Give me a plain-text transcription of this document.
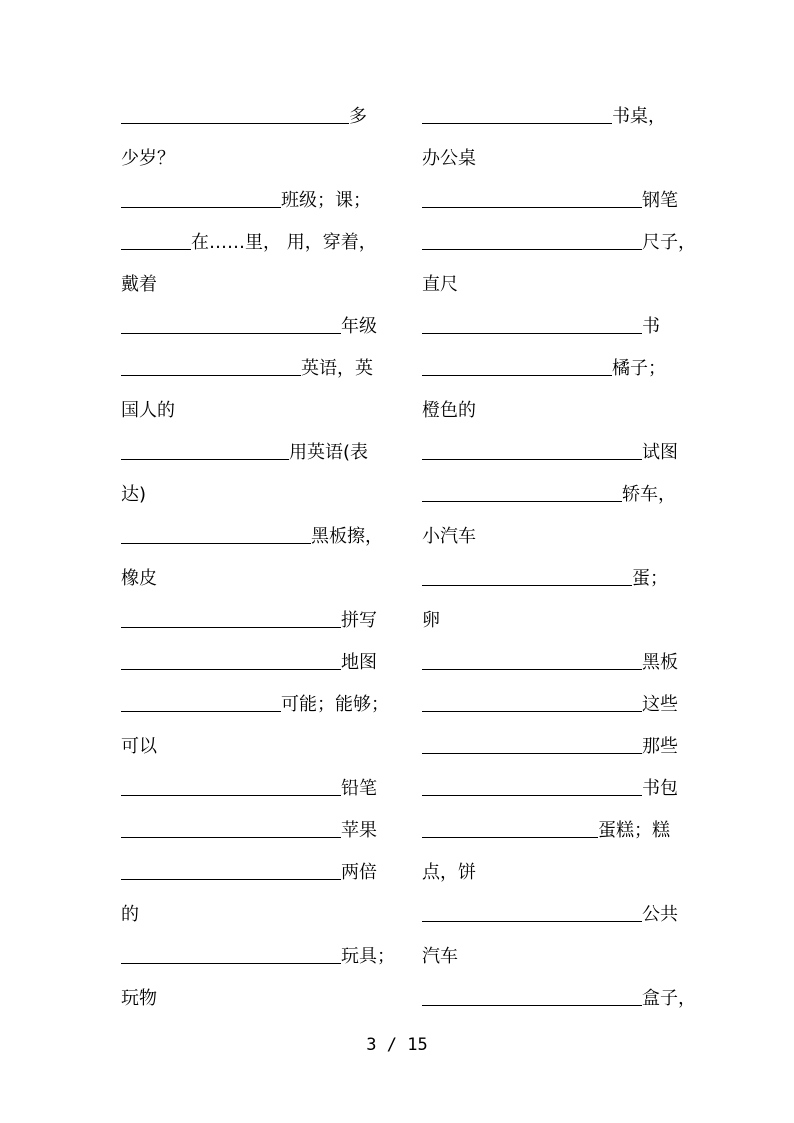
多
少岁？
班级；课；
在……里， 用，穿着，
戴着
年级
英语，英
国人的
用英语(表
达)
黑板擦，
橡皮
拼写
地图
可能；能够；
可以
铅笔
苹果
两倍
的
玩具；
玩物
书桌，
办公桌
钢笔
尺子，
直尺
书
橘子；
橙色的
试图
轿车，
小汽车
蛋；
卵
黑板
这些
那些
书包
蛋糕；糕
点，饼
公共
汽车
盒子，
3 / 15
